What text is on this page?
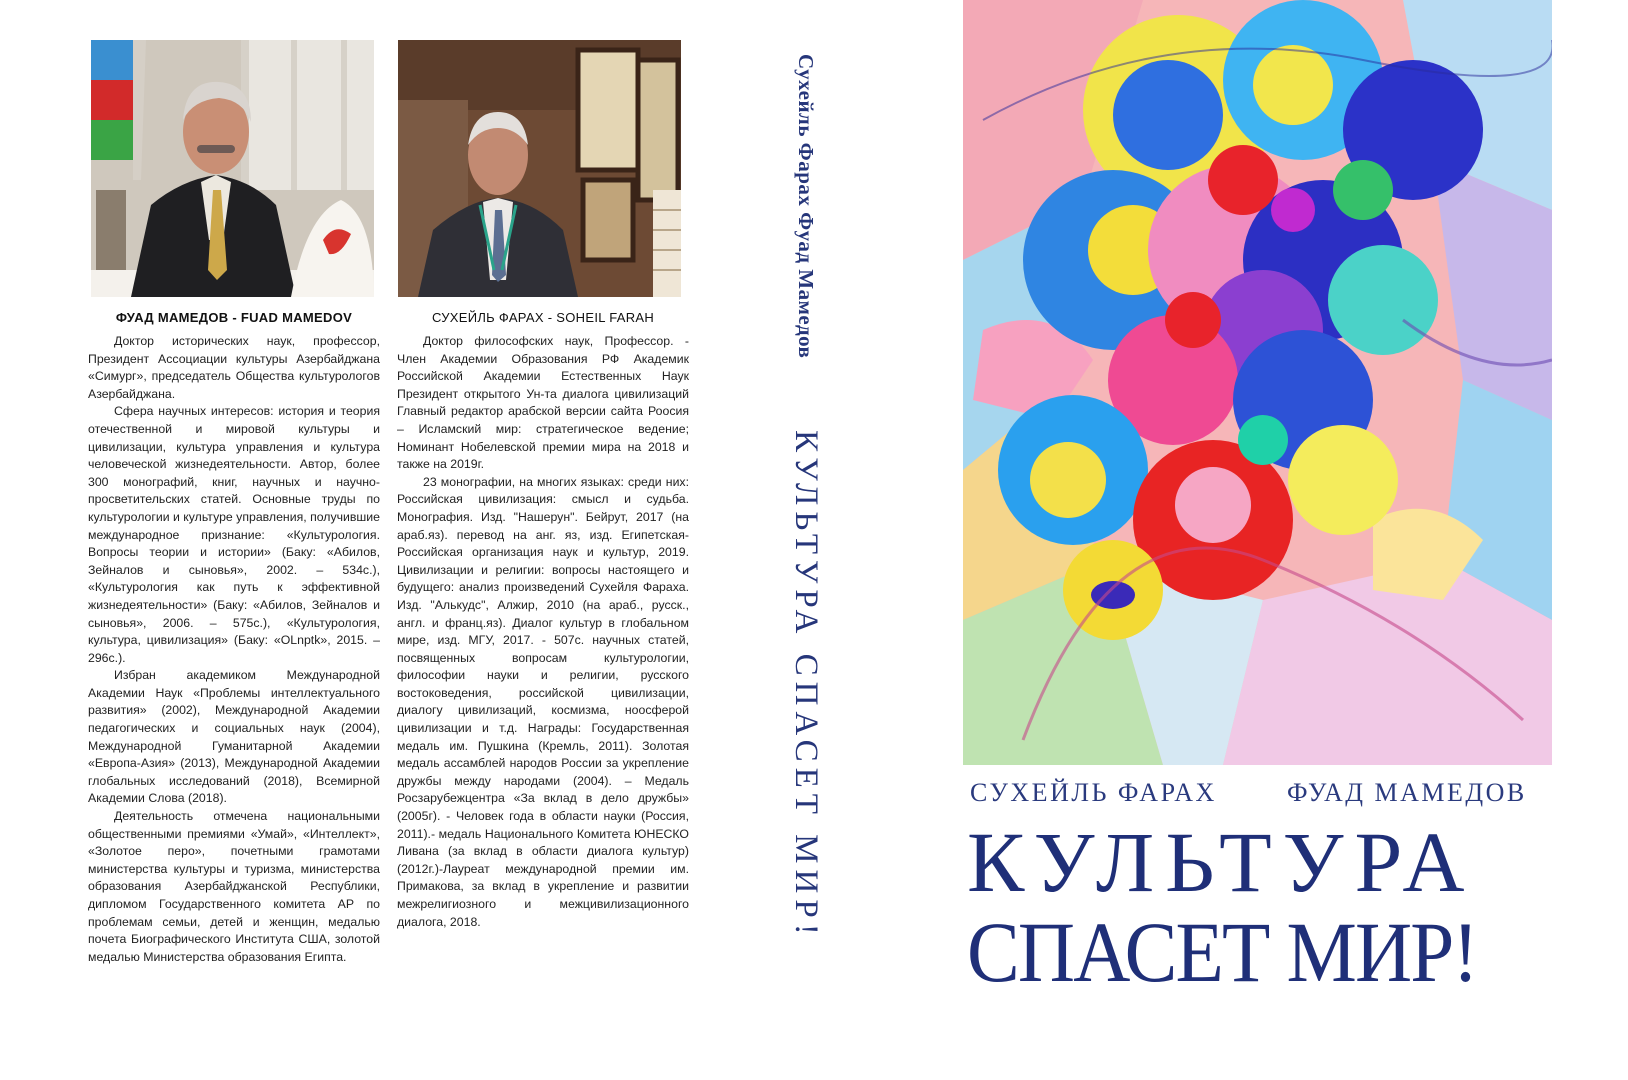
ФУАД МАМЕДОВ - FUAD MAMEDOV

Доктор исторических наук, профессор, Президент Ассоциации культуры Азербайджана «Симург», председатель Общества культурологов Азербайджана.

Сфера научных интересов: история и теория отечественной и мировой культуры и цивилизации, культура управления и культура человеческой жизнедеятельности. Автор, более 300 монографий, книг, научных и научно-просветительских статей. Основные труды по культурологии и культуре управления, получившие международное признание: «Культурология. Вопросы теории и истории» (Баку: «Абилов, Зейналов и сыновья», 2002. – 534с.), «Культурология как путь к эффективной жизнедеятельности» (Баку: «Абилов, Зейналов и сыновья», 2006. – 575с.), «Культурология, культура, цивилизация» (Баку: «OLnptk», 2015. – 296с.).

Избран академиком Международной Академии Наук «Проблемы интеллектуального развития» (2002), Международной Академии педагогических и социальных наук (2004), Международной Гуманитарной Академии «Европа-Азия» (2013), Международной Академии глобальных исследований (2018), Всемирной Академии Слова (2018).

Деятельность отмечена национальными общественными премиями «Умай», «Интеллект», «Золотое перо», почетными грамотами министерства культуры и туризма, министерства образования Азербайджанской Республики, дипломом Государственного комитета АР по проблемам семьи, детей и женщин, медалью почета Биографического Института США, золотой медалью Министерства образования Египта.

СУХЕЙЛЬ ФАРАХ - SOHEIL FARAH

Доктор философских наук, Профессор. - Член Академии Образования РФ Академик Российской Академии Естественных Наук Президент открытого Ун-та диалога цивилизаций Главный редактор арабской версии сайта Роосия – Исламский мир: стратегическое ведение; Номинант Нобелевской премии мира на 2018 и также на 2019г.

23 монографии, на многих языках: среди них: Российская цивилизация: смысл и судьба. Монография. Изд. "Нашерун". Бейрут, 2017 (на араб.яз). перевод на анг. яз, изд. Египетская-Российская организация наук и культур, 2019. Цивилизации и религии: вопросы настоящего и будущего: анализ произведений Сухейля Фараха. Изд. "Алькудс", Алжир, 2010 (на араб., русск., англ. и франц.яз). Диалог культур в глобальном мире, изд. МГУ, 2017. - 507с. научных статей, посвященных вопросам культурологии, философии науки и религии, русского востоковедения, российской цивилизации, диалогу цивилизаций, космизма, ноосферой цивилизации и т.д. Награды: Государственная медаль им. Пушкина (Кремль, 2011). Золотая медаль ассамблей народов России за укрепление дружбы между народами (2004). – Медаль Росзарубежцентра «За вклад в дело дружбы» (2005г). - Человек года в области науки (Россия, 2011).- медаль Национального Комитета ЮНЕСКО Ливана (за вклад в области диалога культур) (2012г.)-Лауреат международной премии им. Примакова, за вклад в укрепление и развитии межрелигиозного и межцивилизационного диалога, 2018.

Сухейль Фарах Фуад Мамедов
КУЛЬТУРА СПАСЕТ МИР!	СУХЕЙЛЬ ФАРАХ	ФУАД МАМЕДОВ
КУЛЬТУРА
СПАСЕТ МИР!
